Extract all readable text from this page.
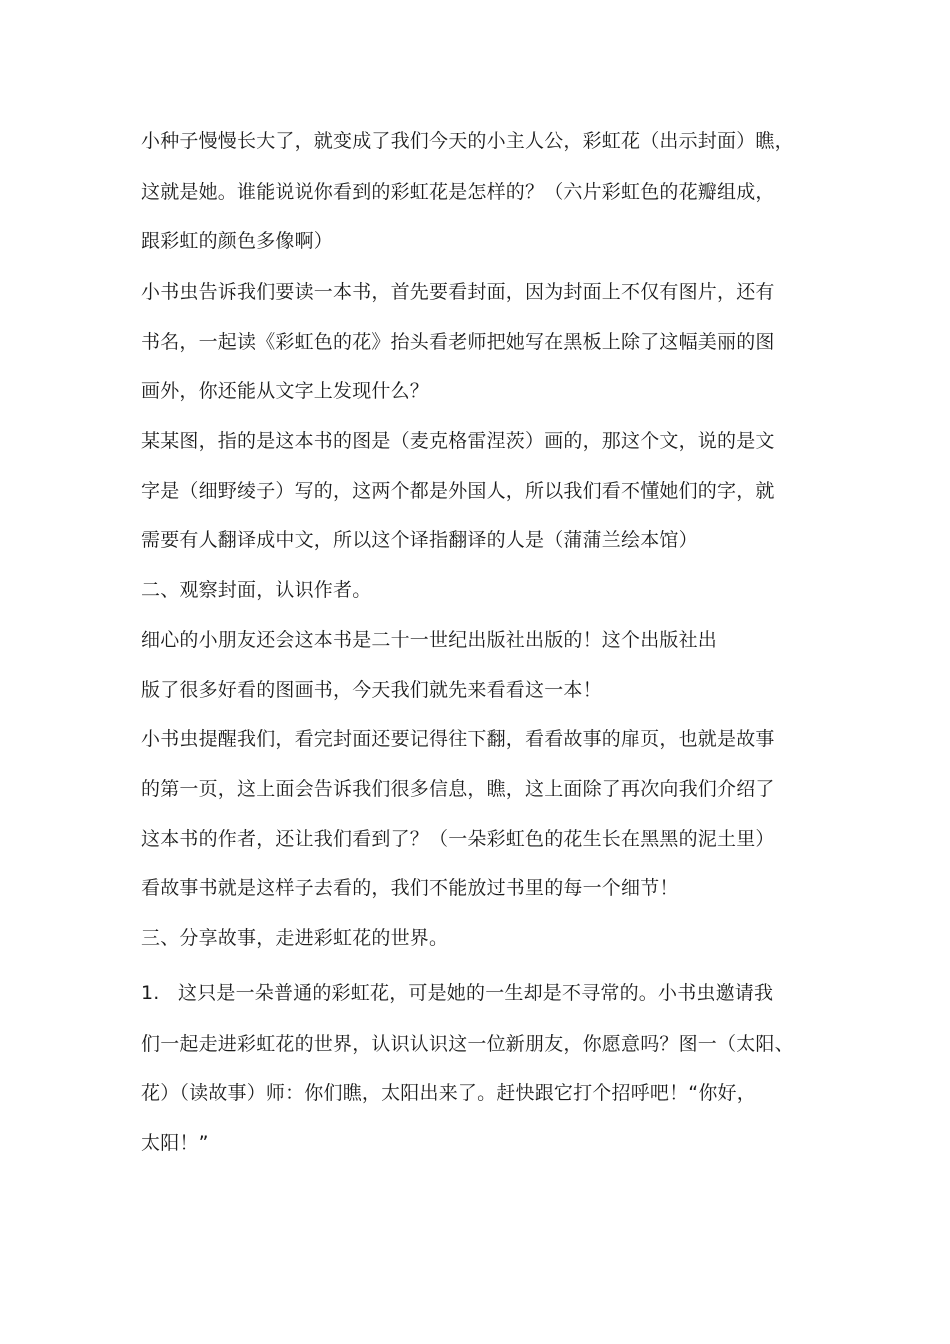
小种子慢慢长大了，就变成了我们今天的小主人公，彩虹花（出示封面）瞧，
这就是她。谁能说说你看到的彩虹花是怎样的？（六片彩虹色的花瓣组成，
跟彩虹的颜色多像啊）
小书虫告诉我们要读一本书，首先要看封面，因为封面上不仅有图片，还有
书名，一起读《彩虹色的花》抬头看老师把她写在黑板上除了这幅美丽的图
画外，你还能从文字上发现什么？
某某图，指的是这本书的图是（麦克格雷涅茨）画的，那这个文，说的是文
字是（细野绫子）写的，这两个都是外国人，所以我们看不懂她们的字，就
需要有人翻译成中文，所以这个译指翻译的人是（蒲蒲兰绘本馆）
二、观察封面，认识作者。
细心的小朋友还会这本书是二十一世纪出版社出版的！这个出版社出
版了很多好看的图画书，今天我们就先来看看这一本！
小书虫提醒我们，看完封面还要记得往下翻，看看故事的扉页，也就是故事
的第一页，这上面会告诉我们很多信息，瞧，这上面除了再次向我们介绍了
这本书的作者，还让我们看到了？（一朵彩虹色的花生长在黑黑的泥土里）
看故事书就是这样子去看的，我们不能放过书里的每一个细节！
三、分享故事，走进彩虹花的世界。
1. 这只是一朵普通的彩虹花，可是她的一生却是不寻常的。小书虫邀请我
们一起走进彩虹花的世界，认识认识这一位新朋友，你愿意吗？图一（太阳、
花）（读故事）师：你们瞧，太阳出来了。赶快跟它打个招呼吧！“你好，
太阳！”
